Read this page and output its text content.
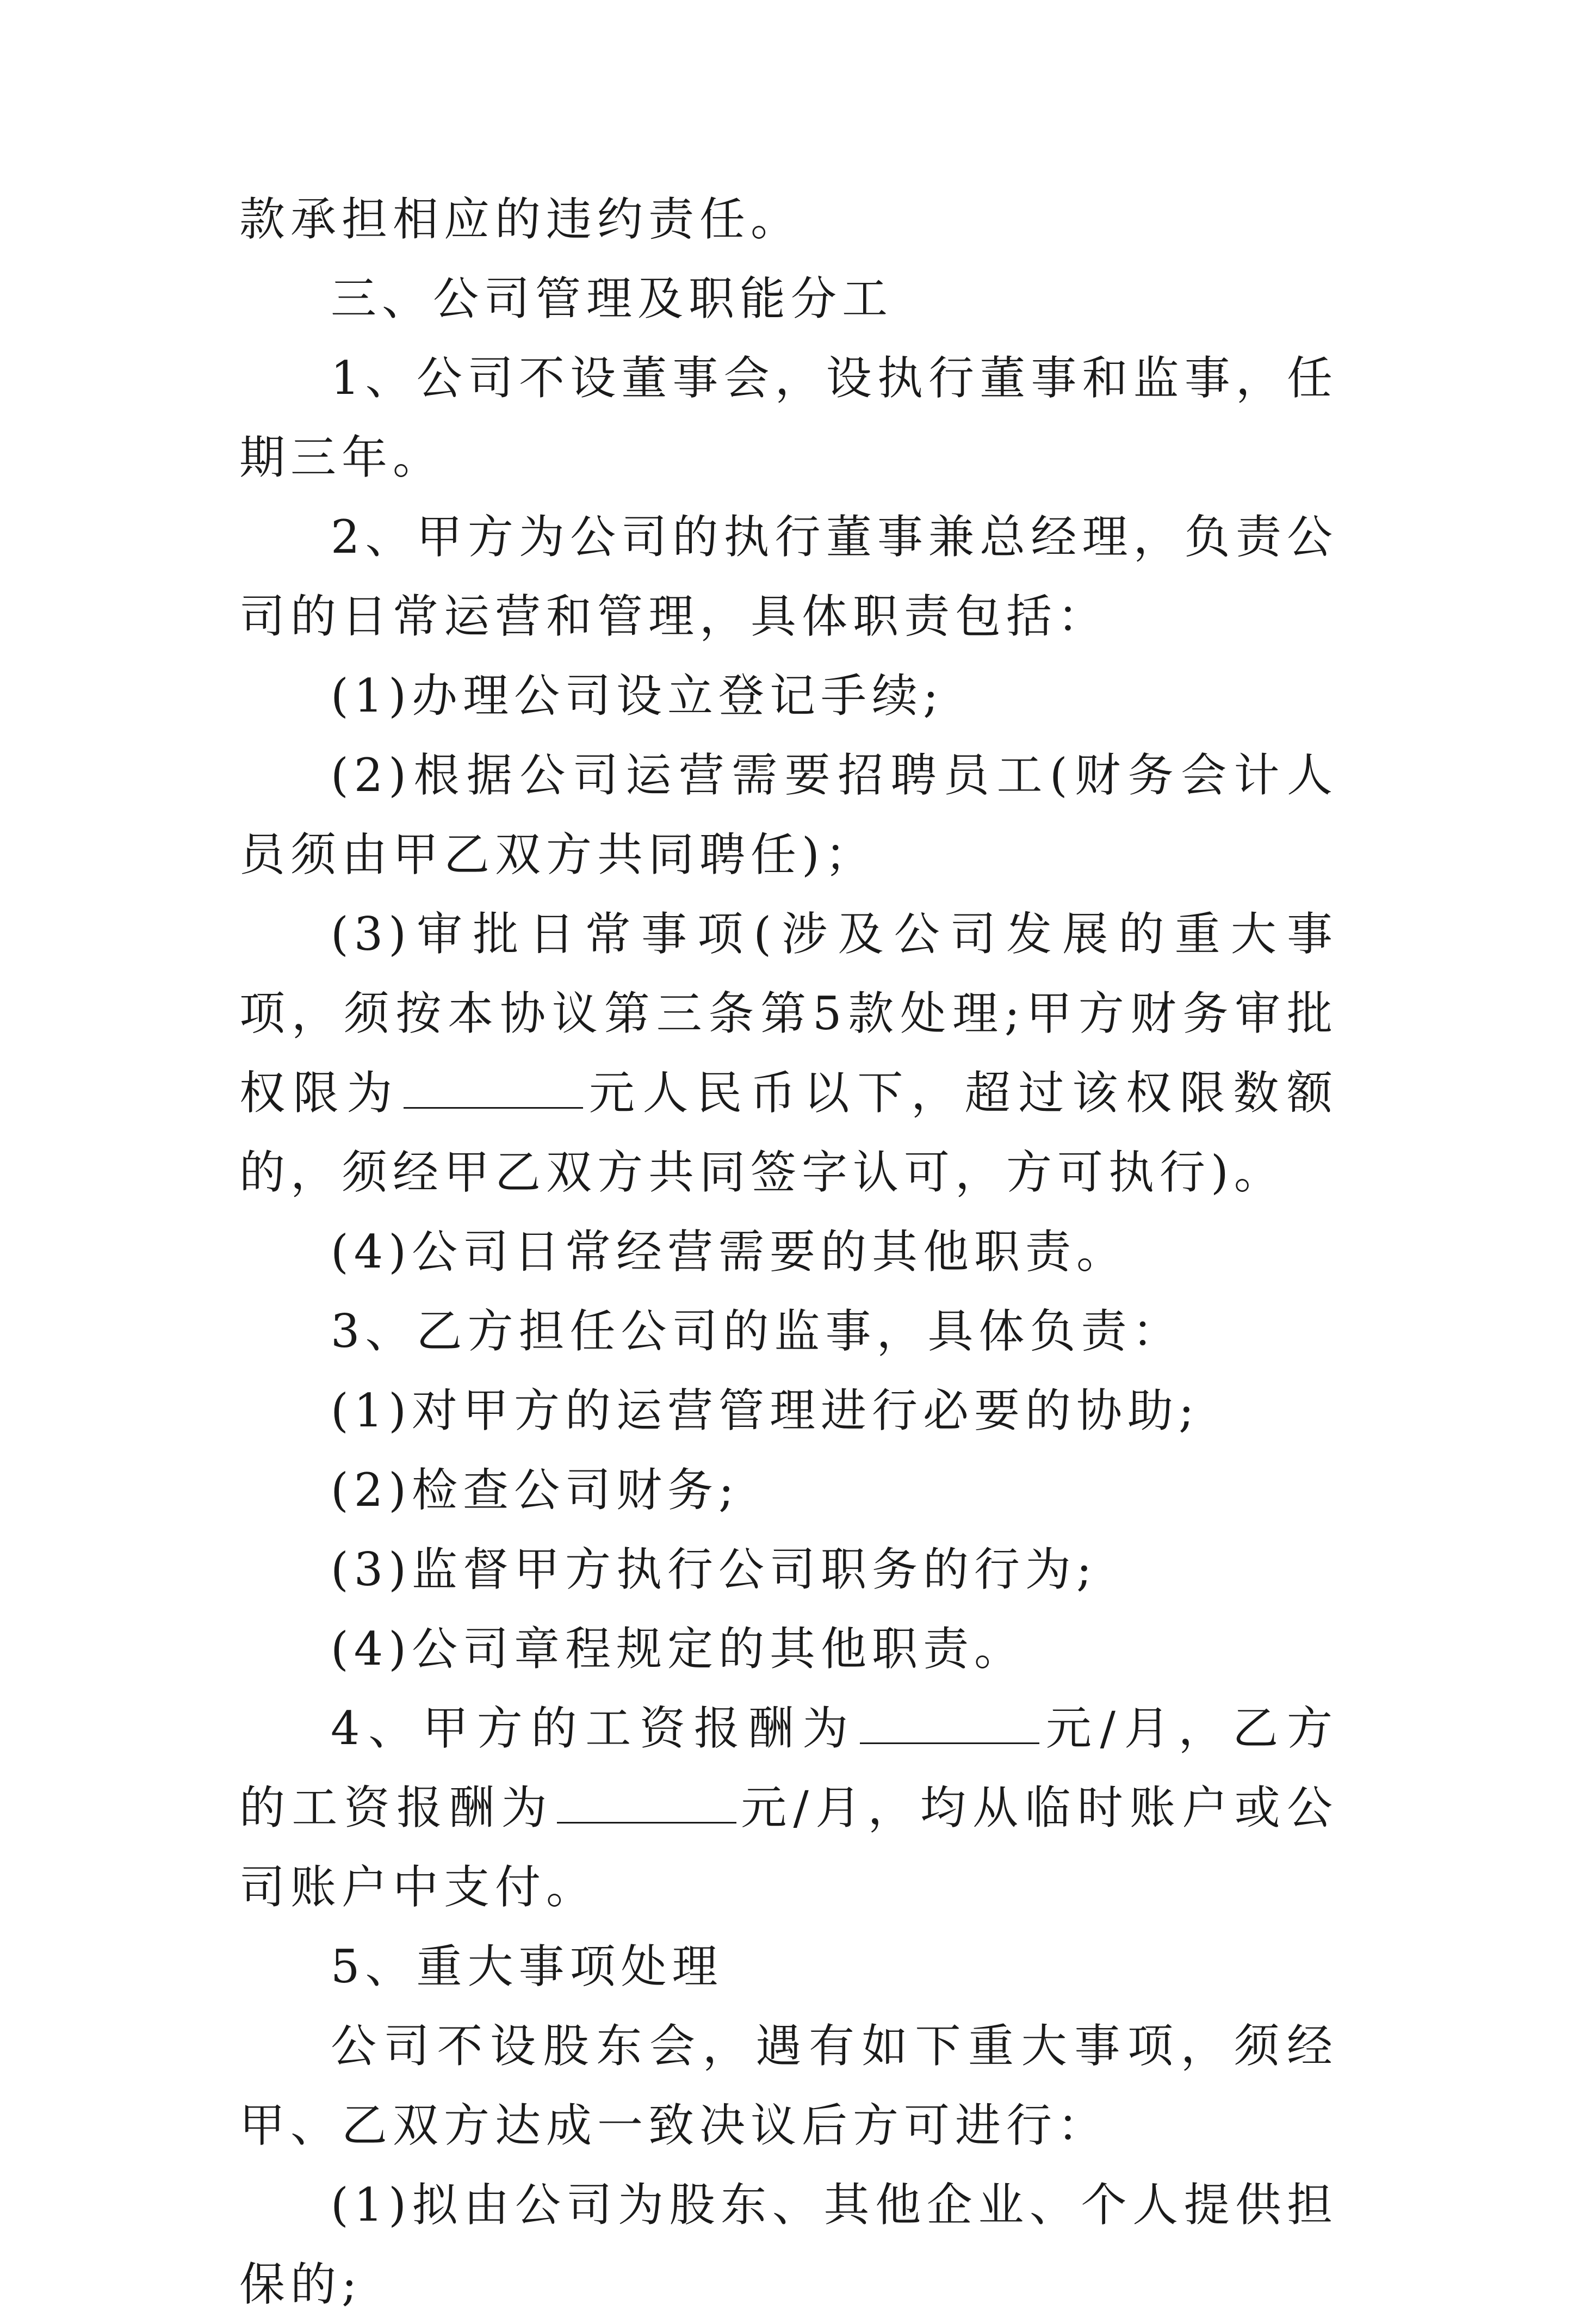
款承担相应的违约责任。

三、公司管理及职能分工

1、公司不设董事会，设执行董事和监事，任期三年。

2、甲方为公司的执行董事兼总经理，负责公司的日常运营和管理，具体职责包括：

(1)办理公司设立登记手续;

(2)根据公司运营需要招聘员工(财务会计人员须由甲乙双方共同聘任)；

(3)审批日常事项(涉及公司发展的重大事项，须按本协议第三条第5款处理;甲方财务审批权限为	元人民币以下，超过该权限数额的，须经甲乙双方共同签字认可，方可执行)。

(4)公司日常经营需要的其他职责。

3、乙方担任公司的监事，具体负责：

(1)对甲方的运营管理进行必要的协助;

(2)检查公司财务;

(3)监督甲方执行公司职务的行为;

(4)公司章程规定的其他职责。

4、甲方的工资报酬为	元/月，乙方的工资报酬为	元/月，均从临时账户或公司账户中支付。

5、重大事项处理

公司不设股东会，遇有如下重大事项，须经甲、乙双方达成一致决议后方可进行：

(1)拟由公司为股东、其他企业、个人提供担保的;
